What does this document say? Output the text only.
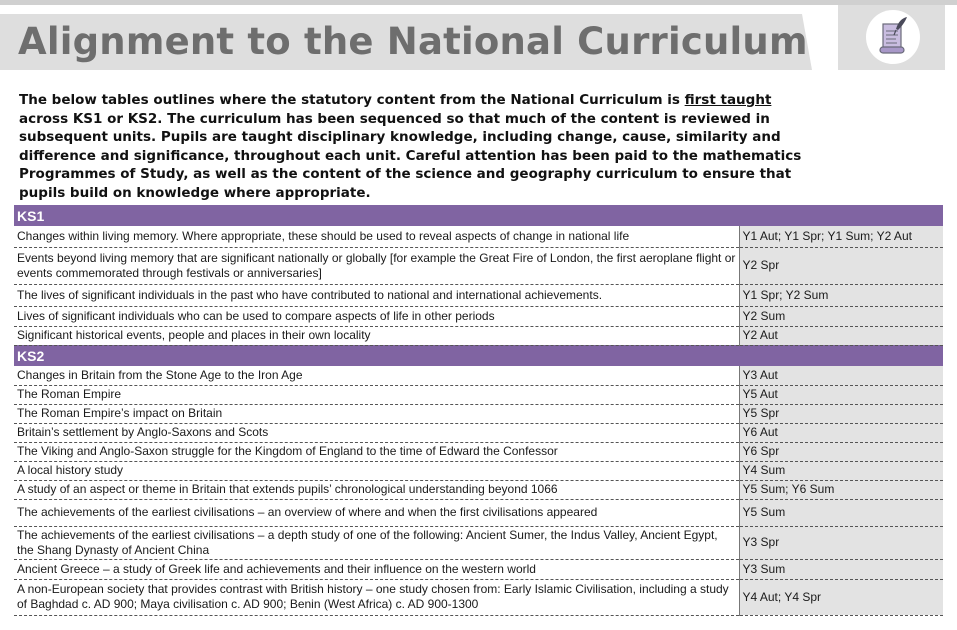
Alignment to the National Curriculum

The below tables outlines where the statutory content from the National Curriculum is first taught across KS1 or KS2. The curriculum has been sequenced so that much of the content is reviewed in subsequent units. Pupils are taught disciplinary knowledge, including change, cause, similarity and difference and significance, throughout each unit. Careful attention has been paid to the mathematics Programmes of Study, as well as the content of the science and geography curriculum to ensure that pupils build on knowledge where appropriate.

KS1	
Changes within living memory. Where appropriate, these should be used to reveal aspects of change in national life	Y1 Aut; Y1 Spr; Y1 Sum; Y2 Aut
Events beyond living memory that are significant nationally or globally [for example the Great Fire of London, the first aeroplane flight or events commemorated through festivals or anniversaries]	Y2 Spr
The lives of significant individuals in the past who have contributed to national and international achievements.	Y1 Spr; Y2 Sum
Lives of significant individuals who can be used to compare aspects of life in other periods	Y2 Sum
Significant historical events, people and places in their own locality	Y2 Aut
KS2	
Changes in Britain from the Stone Age to the Iron Age	Y3 Aut
The Roman Empire	Y5 Aut
The Roman Empire’s impact on Britain	Y5 Spr
Britain’s settlement by Anglo-Saxons and Scots	Y6 Aut
The Viking and Anglo-Saxon struggle for the Kingdom of England to the time of Edward the Confessor	Y6 Spr
A local history study	Y4 Sum
A study of an aspect or theme in Britain that extends pupils’ chronological understanding beyond 1066	Y5 Sum; Y6 Sum
The achievements of the earliest civilisations – an overview of where and when the first civilisations appeared	Y5 Sum
The achievements of the earliest civilisations – a depth study of one of the following: Ancient Sumer, the Indus Valley, Ancient Egypt, the Shang Dynasty of Ancient China	Y3 Spr
Ancient Greece – a study of Greek life and achievements and their influence on the western world	Y3 Sum
A non-European society that provides contrast with British history – one study chosen from: Early Islamic Civilisation, including a study of Baghdad c. AD 900; Maya civilisation c. AD 900; Benin (West Africa) c. AD 900-1300	Y4 Aut; Y4 Spr
